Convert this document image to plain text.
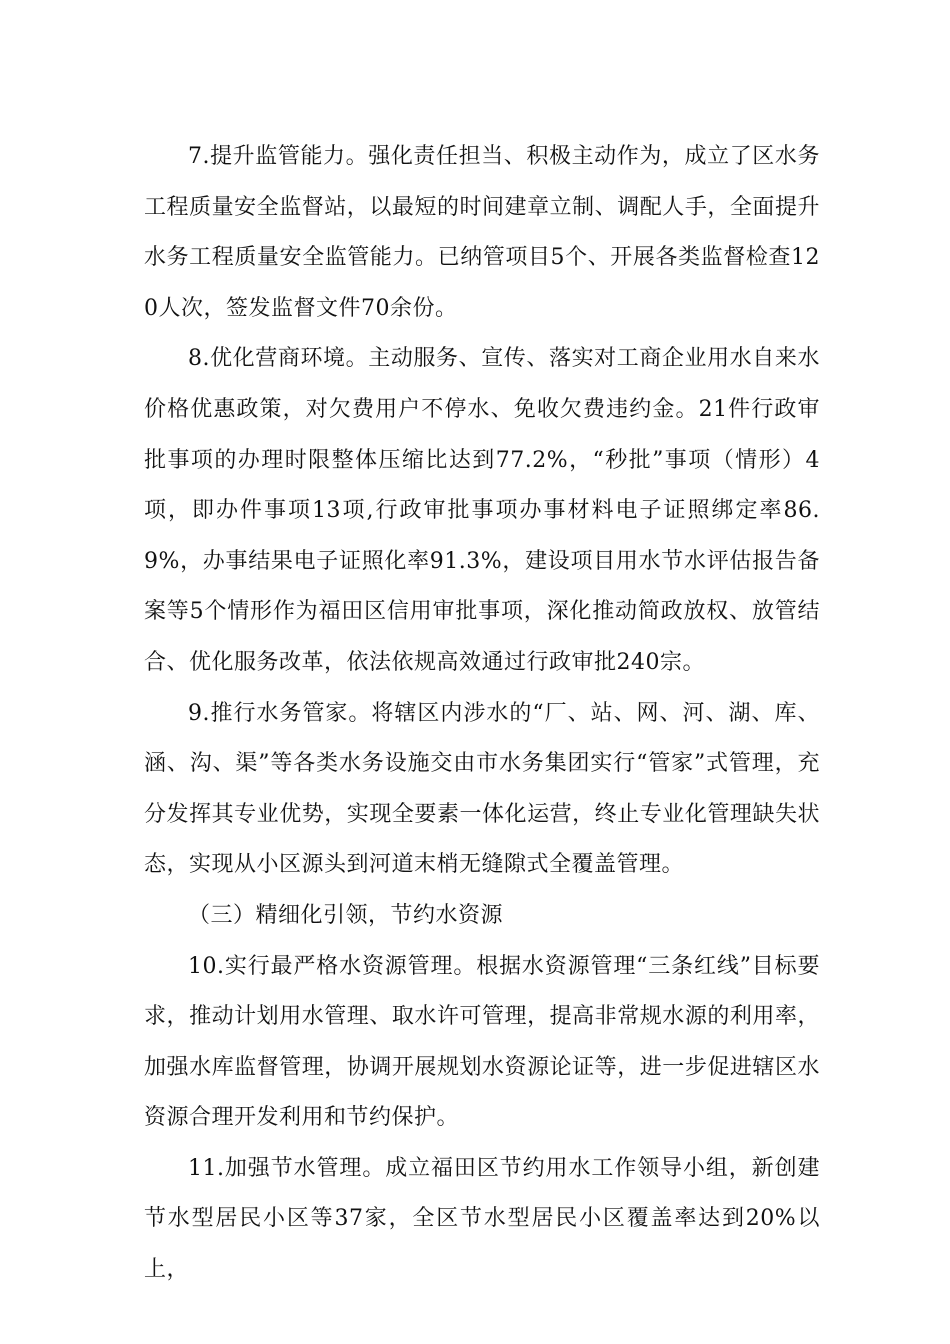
7.提升监管能力。强化责任担当、积极主动作为，成立了区水务工程质量安全监督站，以最短的时间建章立制、调配人手，全面提升水务工程质量安全监管能力。已纳管项目5个、开展各类监督检查120人次，签发监督文件70余份。

8.优化营商环境。主动服务、宣传、落实对工商企业用水自来水价格优惠政策，对欠费用户不停水、免收欠费违约金。21件行政审批事项的办理时限整体压缩比达到77.2%，“秒批”事项（情形）4项，即办件事项13项,行政审批事项办事材料电子证照绑定率86.9%，办事结果电子证照化率91.3%，建设项目用水节水评估报告备案等5个情形作为福田区信用审批事项，深化推动简政放权、放管结合、优化服务改革，依法依规高效通过行政审批240宗。

9.推行水务管家。将辖区内涉水的“厂、站、网、河、湖、库、涵、沟、渠”等各类水务设施交由市水务集团实行“管家”式管理，充分发挥其专业优势，实现全要素一体化运营，终止专业化管理缺失状态，实现从小区源头到河道末梢无缝隙式全覆盖管理。

（三）精细化引领，节约水资源

10.实行最严格水资源管理。根据水资源管理“三条红线”目标要求，推动计划用水管理、取水许可管理，提高非常规水源的利用率，加强水库监督管理，协调开展规划水资源论证等，进一步促进辖区水资源合理开发利用和节约保护。

11.加强节水管理。成立福田区节约用水工作领导小组，新创建节水型居民小区等37家，全区节水型居民小区覆盖率达到20%以上，
